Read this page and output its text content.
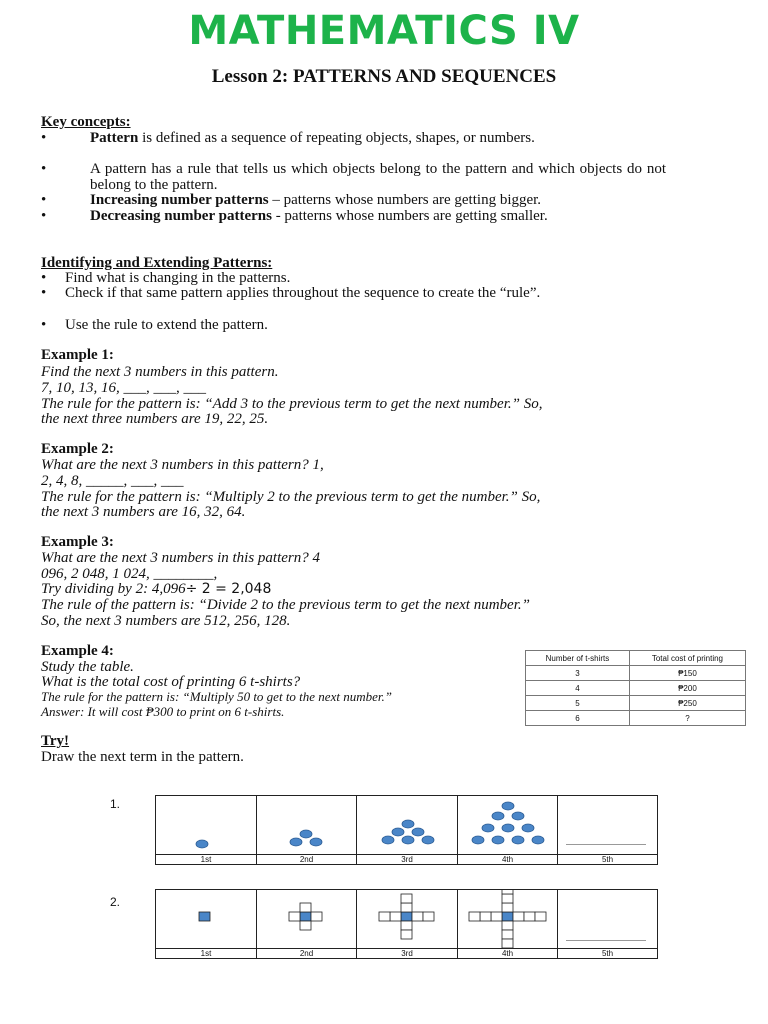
MATHEMATICS IV
Lesson 2: PATTERNS AND SEQUENCES
Key concepts:
•	Pattern is defined as a sequence of repeating objects, shapes, or numbers.
•	A pattern has a rule that tells us which objects belong to the pattern and which objects do not belong to the pattern.
•	Increasing number patterns – patterns whose numbers are getting bigger.
•	Decreasing number patterns - patterns whose numbers are getting smaller.
Identifying and Extending Patterns:
• Find what is changing in the patterns.
• Check if that same pattern applies throughout the sequence to create the “rule”.
• Use the rule to extend the pattern.
Example 1:
Find the next 3 numbers in this pattern.
7, 10, 13, 16, ___, ___, ___
The rule for the pattern is: “Add 3 to the previous term to get the next number.” So,
the next three numbers are 19, 22, 25.
Example 2:
What are the next 3 numbers in this pattern? 1,
2, 4, 8, _____, ___, ___
The rule for the pattern is: “Multiply 2 to the previous term to get the number.” So,
the next 3 numbers are 16, 32, 64.
Example 3:
What are the next 3 numbers in this pattern? 4
096, 2 048, 1 024, ________,
Try dividing by 2: 4,096÷ 2 = 2,048
The rule of the pattern is: “Divide 2 to the previous term to get the next number.”
So, the next 3 numbers are 512, 256, 128.
Example 4:
Study the table.
What is the total cost of printing 6 t-shirts?
The rule for the pattern is: “Multiply 50 to get to the next number.”
Answer: It will cost ₱300 to print on 6 t-shirts.
Number of t-shirts	Total cost of printing
3	₱150
4	₱200
5	₱250
6	?
Try!
Draw the next term in the pattern.
1.
1st	2nd	3rd	4th	5th
2.
1st	2nd	3rd	4th	5th
